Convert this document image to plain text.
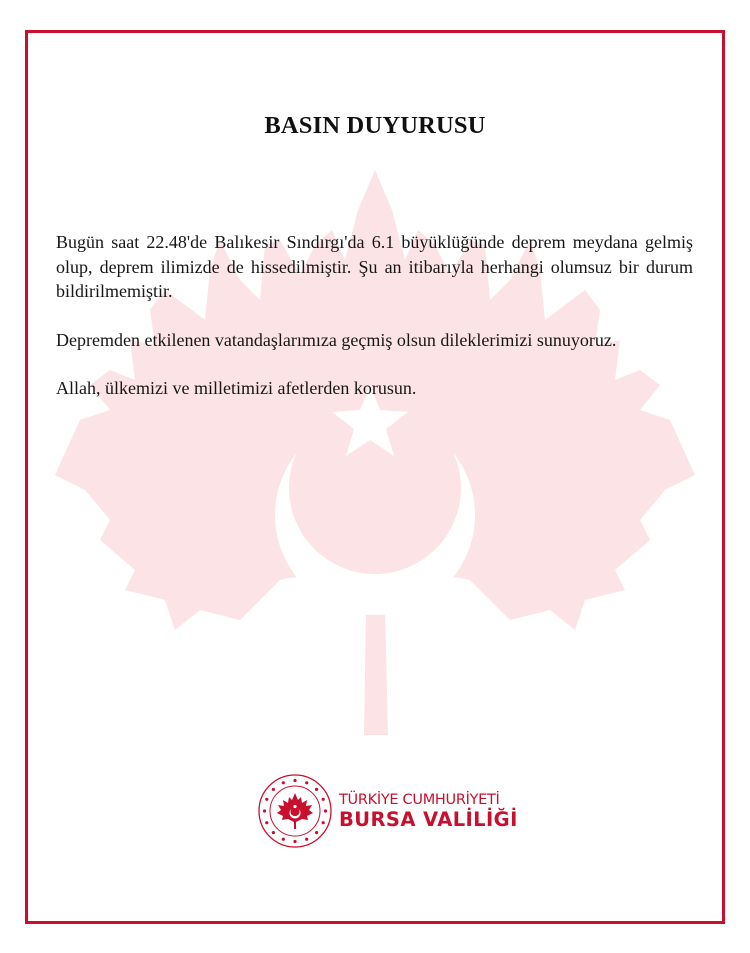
BASIN DUYURUSU

Bugün saat 22.48'de Balıkesir Sındırgı'da 6.1 büyüklüğünde deprem meydana gelmiş olup, deprem ilimizde de hissedilmiştir. Şu an itibarıyla herhangi olumsuz bir durum bildirilmemiştir.

Depremden etkilenen vatandaşlarımıza geçmiş olsun dileklerimizi sunuyoruz.

Allah, ülkemizi ve milletimizi afetlerden korusun.

TÜRKİYE CUMHURİYETİ
BURSA VALİLİĞİ
